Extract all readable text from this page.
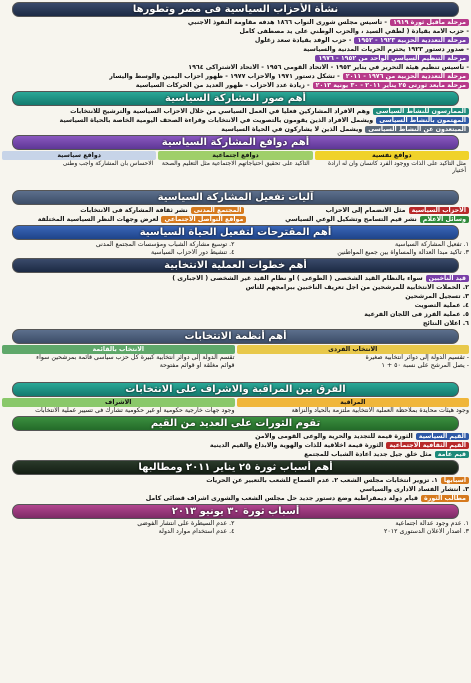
نشأة الأحزاب السياسية فى مصر وتطورها
مرحلة ماقبل ثورة ١٩١٩
- تأسيس مجلس شورى النواب ١٨٦٦ هدفه مقاومة النفوذ الأجنبي
- حزب الأمة بقيادة ( لطفي السيد ، والحزب الوطني على يد مصطفى كامل
مرحلة التعددية الحزبية ١٩٢٣ - ١٩٥٢
- حزب الوفد بقيادة سعد زغلول
- صدور دستور ١٩٢٣ يحترم الحريات المدنية والسياسية
مرحلة التنظيم السياسي الواحد من ١٩٥٢ - ١٩٧٦
- تأسيس تنظيم هيئة التحرير في يناير ١٩٥٣ - الاتحاد القومى ١٩٥٦ - الاتحاد الاشتراكى ١٩٦٤
مرحلة التعددية الحزبية من ١٩٧٦ - ٢٠١١
- تشكل دستور ١٩٧١ والأحزاب ١٩٧٧ - ظهور أحزاب اليمين والوسط واليسار
مرحلة مابعد ثورتى ٢٥ يناير ٢٠١١ - ٣٠ يونية ٢٠١٣
- زيادة عدد الأحزاب - ظهور العديد من الحركات السياسية
أهم صور المشاركة السياسية
الممارسون للنشاط السياسى
وهم الأفراد المشاركين فعليا في العمل السياسي من خلال الأحزاب السياسية والترشيح للانتخابات
المهتمون بالنشاط السياسى
ويشمل الأفراد الذين يقومون بالتصويت في الانتخابات وقراءة الصحف اليومية الخاصة بالحياة السياسية
المبتعدون عن النشاط السياسى
ويشمل الذين لا يشاركون في الحياة السياسية
أهم دوافع المشاركة السياسية
دوافع نفسية
مثل التأكيد على الذات ووجود الفرد كانسان وان له ارادة أختيار
دوافع اجتماعية
التأكيد على تحقيق احتياجاتهم الاجتماعية مثل التعليم والصحة
دوافع سياسية
الاحساس بأن المشاركة واجب وطنى
آليات تفعيل المشاركة السياسية
الأحزاب السياسية
مثل الانضمام إلى الأحزاب
المجتمع المدنى
نشر ثقافة المشاركة فى الانتخابات
وسائل الاعلام
نشر قيم التسامح وتشكيل الوعي السياسي
مواقع التواصل الاجتماعي
لعرض وجهات النظر السياسية المختلفة
أهم المقترحات لتفعيل الحياة السياسية
١. تفعيل المشاركة السياسية
٣. تأكيد مبدأ العدالة والمساواة بين جميع المواطنين
٢. توسيع مشاركة الشباب ومؤسسات المجتمع المدنى
٤. تنشيط دور الأحزاب السياسية
أهم خطوات العملية الانتخابية
قيد الناخبين
سواء بالنظام القيد الشخصى ( الطوعى ) أو نظام القيد غير الشخصى ( الاجبارى )
٢. الحملات الانتخابية للمرشحين من أجل تعريف الناخبين ببرامجهم للناس
٣. تسجيل المرشحين
٤. عملية التصويت
٥. عملية الفرز فى اللجان الفرعية
٦. اعلان النتائج
أهم أنظمة الانتخابات
الانتخاب الفردى
- تقسيم الدولة إلى دوائر انتخابية صغيرة
- يصل المرشح على نسبة ٥٠ + ١
الانتخاب بالقائمة
تقسم الدولة إلى دوائر انتخابية كبيرة كل حزب سياسى قائمة بمرشحين سواء
قوائم مغلقة أو قوائم مفتوحة
الفرق بين المراقبة والاشراف على الانتخابات
المراقبة
وجود هيئات محايدة بملاحظة العملية الانتخابية ملتزمة بالحياد والنزاهة
الاشراف
وجود جهات خارجية حكومية أو غير حكومية تشارك فى تسيير عملية الانتخابات
تقوم الثورات على العديد من القيم
القيم السياسية
الثورة قيمة للتجديد والحرية والوعى القومى والأمن
القيم الثقافية الاجتماعية
الثورة قيمة أخلاقية للذات والهوية والابداع والقيم الدينية
قيم عامة
مثل خلق جيل جديد اعادة الشباب للمجتمع
أهم أسباب ثورة ٢٥ يناير ٢٠١١ ومطالبها
أسبابها
١. تزوير انتخابات مجلس الشعب ٢. عدم السماح للشعب بالتعبير عن الحريات
٣. انتشار الفساد الادارى والسياسي
مطالب الثورة
قيام دولة ديمقراطية وضع دستور جديد حل مجلس الشعب والشورى اشراف قضائى كامل
أسباب ثورة ٣٠ يونيو ٢٠١٣
١. عدم وجود عدالة اجتماعية
٣. اصدار الاعلان الدستورى ٢٠١٢
٢. عدم السيطرة على انتشار الفوضى
٤. عدم استخدام موارد الدولة
